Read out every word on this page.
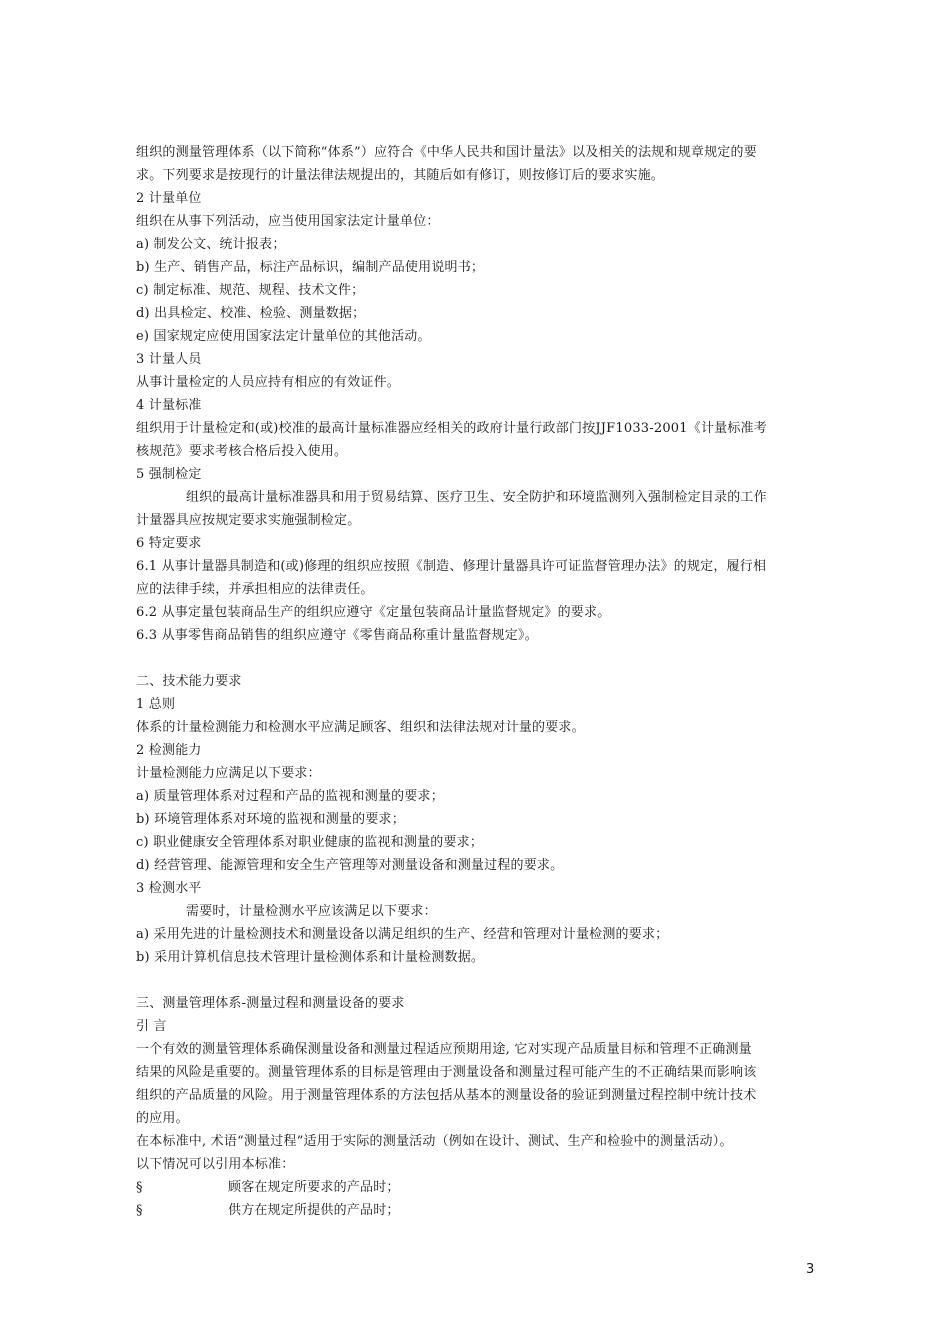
组织的测量管理体系（以下简称“体系”）应符合《中华人民共和国计量法》以及相关的法规和规章规定的要
求。下列要求是按现行的计量法律法规提出的，其随后如有修订，则按修订后的要求实施。
2 计量单位
组织在从事下列活动，应当使用国家法定计量单位：
a) 制发公文、统计报表；
b) 生产、销售产品，标注产品标识，编制产品使用说明书；
c) 制定标准、规范、规程、技术文件；
d) 出具检定、校准、检验、测量数据；
e) 国家规定应使用国家法定计量单位的其他活动。
3 计量人员
从事计量检定的人员应持有相应的有效证件。
4 计量标准
组织用于计量检定和(或)校准的最高计量标准器应经相关的政府计量行政部门按JJF1033-2001《计量标准考
核规范》要求考核合格后投入使用。
5 强制检定
组织的最高计量标准器具和用于贸易结算、医疗卫生、安全防护和环境监测列入强制检定目录的工作
计量器具应按规定要求实施强制检定。
6 特定要求
6.1 从事计量器具制造和(或)修理的组织应按照《制造、修理计量器具许可证监督管理办法》的规定，履行相
应的法律手续，并承担相应的法律责任。
6.2 从事定量包装商品生产的组织应遵守《定量包装商品计量监督规定》的要求。
6.3 从事零售商品销售的组织应遵守《零售商品称重计量监督规定》。
二、技术能力要求
1 总则
体系的计量检测能力和检测水平应满足顾客、组织和法律法规对计量的要求。
2 检测能力
计量检测能力应满足以下要求：
a) 质量管理体系对过程和产品的监视和测量的要求；
b) 环境管理体系对环境的监视和测量的要求；
c) 职业健康安全管理体系对职业健康的监视和测量的要求；
d) 经营管理、能源管理和安全生产管理等对测量设备和测量过程的要求。
3 检测水平
需要时，计量检测水平应该满足以下要求：
a) 采用先进的计量检测技术和测量设备以满足组织的生产、经营和管理对计量检测的要求；
b) 采用计算机信息技术管理计量检测体系和计量检测数据。
三、测量管理体系-测量过程和测量设备的要求
引 言
一个有效的测量管理体系确保测量设备和测量过程适应预期用途, 它对实现产品质量目标和管理不正确测量
结果的风险是重要的。测量管理体系的目标是管理由于测量设备和测量过程可能产生的不正确结果而影响该
组织的产品质量的风险。用于测量管理体系的方法包括从基本的测量设备的验证到测量过程控制中统计技术
的应用。
在本标准中, 术语“测量过程”适用于实际的测量活动（例如在设计、测试、生产和检验中的测量活动）。
以下情况可以引用本标准：
§	顾客在规定所要求的产品时；
§	供方在规定所提供的产品时；
3
